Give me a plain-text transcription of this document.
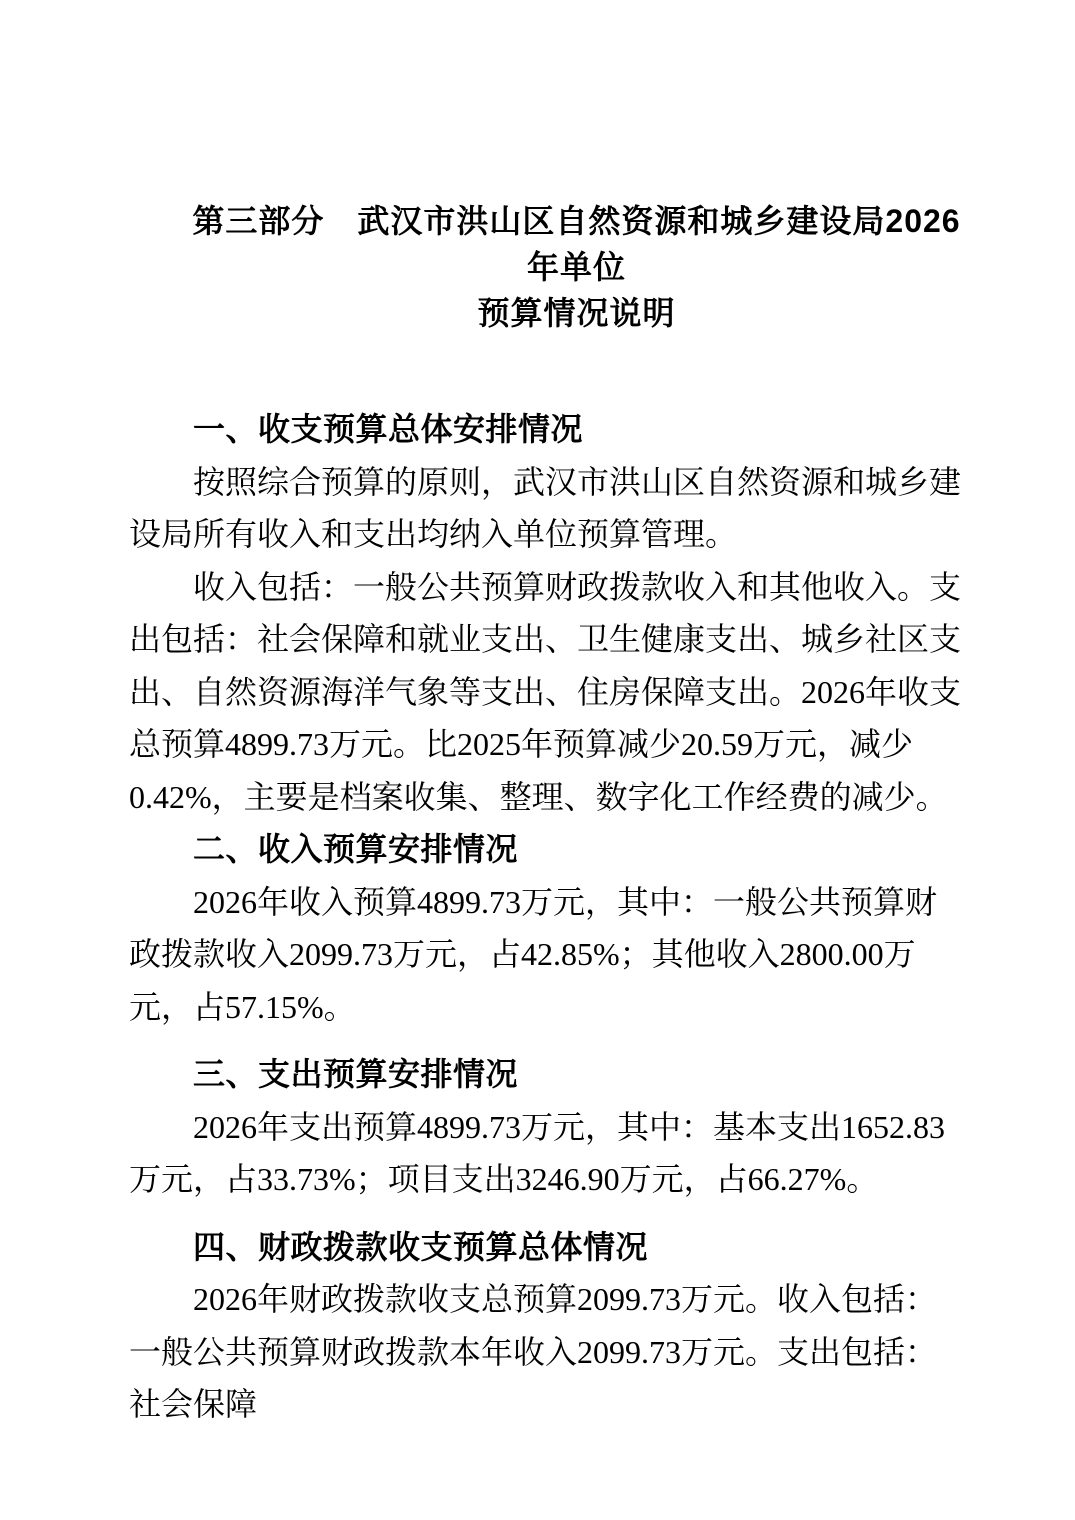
第三部分　武汉市洪山区自然资源和城乡建设局2026年单位
预算情况说明
一、收支预算总体安排情况

按照综合预算的原则，武汉市洪山区自然资源和城乡建设局所有收入和支出均纳入单位预算管理。

收入包括：一般公共预算财政拨款收入和其他收入。支出包括：社会保障和就业支出、卫生健康支出、城乡社区支出、自然资源海洋气象等支出、住房保障支出。2026年收支总预算4899.73万元。比2025年预算减少20.59万元，减少0.42%，主要是档案收集、整理、数字化工作经费的减少。

二、收入预算安排情况

2026年收入预算4899.73万元，其中：一般公共预算财政拨款收入2099.73万元，占42.85%；其他收入2800.00万元，占57.15%。

三、支出预算安排情况

2026年支出预算4899.73万元，其中：基本支出1652.83万元，占33.73%；项目支出3246.90万元，占66.27%。

四、财政拨款收支预算总体情况

2026年财政拨款收支总预算2099.73万元。收入包括：一般公共预算财政拨款本年收入2099.73万元。支出包括：社会保障
